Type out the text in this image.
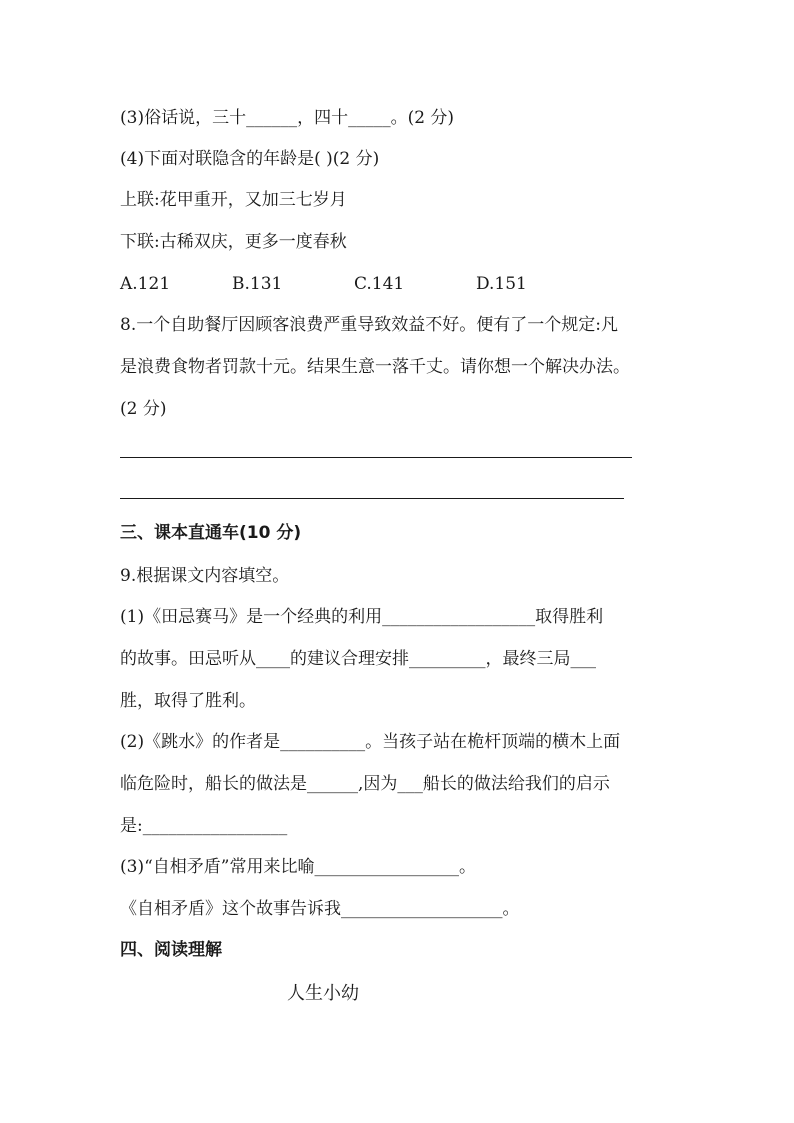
(3)俗话说，三十______，四十_____。(2 分)
(4)下面对联隐含的年龄是( )(2 分)
上联:花甲重开，又加三七岁月
下联:古稀双庆，更多一度春秋
A.121	B.131	C.141	D.151
8.一个自助餐厅因顾客浪费严重导致效益不好。便有了一个规定:凡
是浪费食物者罚款十元。结果生意一落千丈。请你想一个解决办法。
(2 分)
三、课本直通车(10 分)
9.根据课文内容填空。
(1)《田忌赛马》是一个经典的利用__________________取得胜利
的故事。田忌听从____的建议合理安排_________，最终三局___
胜，取得了胜利。
(2)《跳水》的作者是__________。当孩子站在桅杆顶端的横木上面
临危险时，船长的做法是______,因为___船长的做法给我们的启示
是:_________________
(3)“自相矛盾”常用来比喻_________________。
《自相矛盾》这个故事告诉我___________________。
四、阅读理解
人生小幼
